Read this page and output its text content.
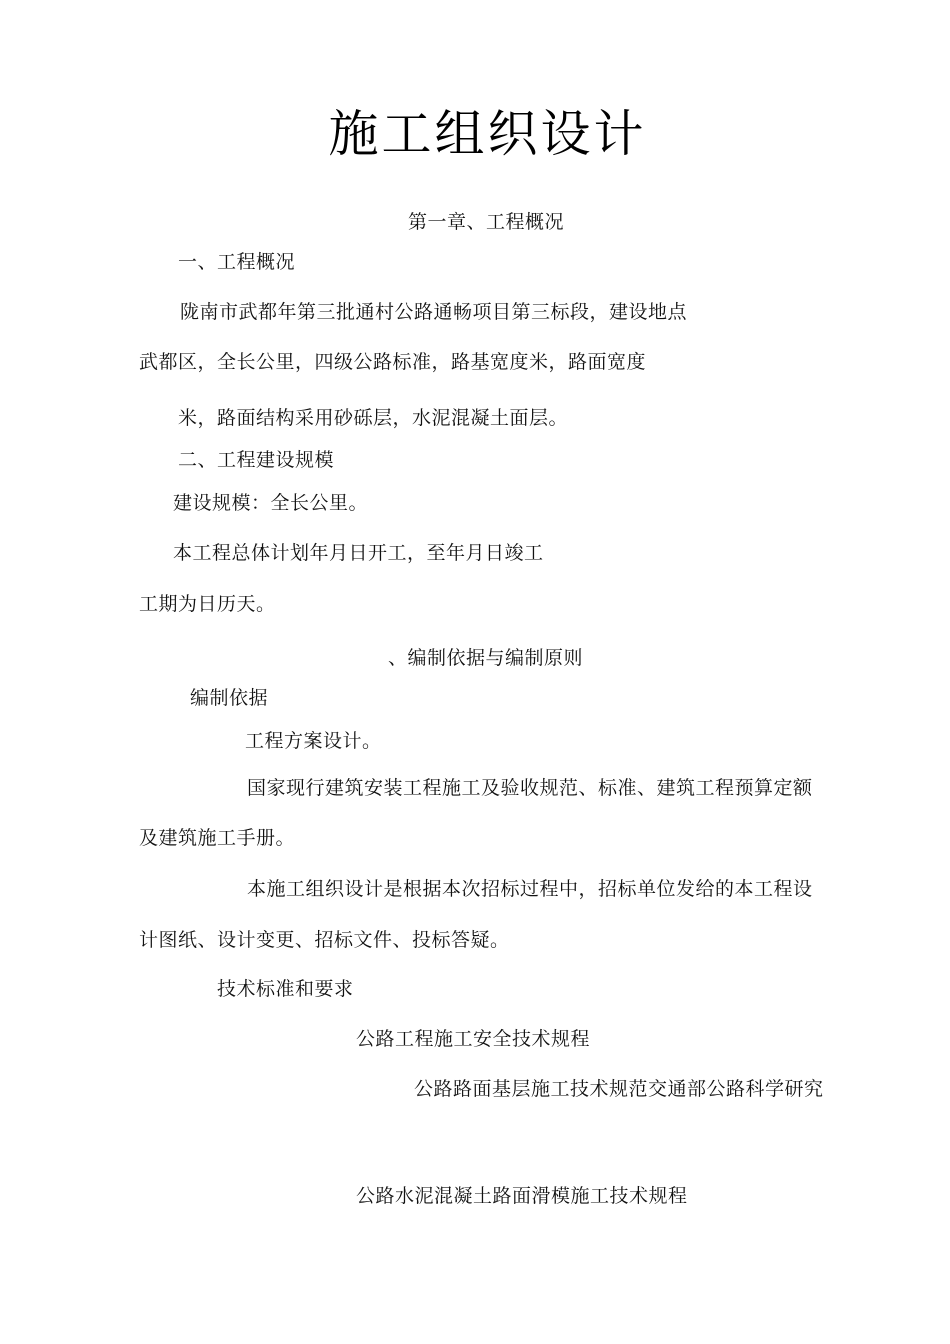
施工组织设计
第一章、工程概况
一、工程概况
陇南市武都年第三批通村公路通畅项目第三标段，建设地点
武都区，全长公里，四级公路标准，路基宽度米，路面宽度
米，路面结构采用砂砾层，水泥混凝土面层。
二、工程建设规模
建设规模：全长公里。
本工程总体计划年月日开工，至年月日竣工
工期为日历天。
、编制依据与编制原则
编制依据
工程方案设计。
国家现行建筑安装工程施工及验收规范、标准、建筑工程预算定额
及建筑施工手册。
本施工组织设计是根据本次招标过程中，招标单位发给的本工程设
计图纸、设计变更、招标文件、投标答疑。
技术标准和要求
公路工程施工安全技术规程
公路路面基层施工技术规范交通部公路科学研究
公路水泥混凝土路面滑模施工技术规程
